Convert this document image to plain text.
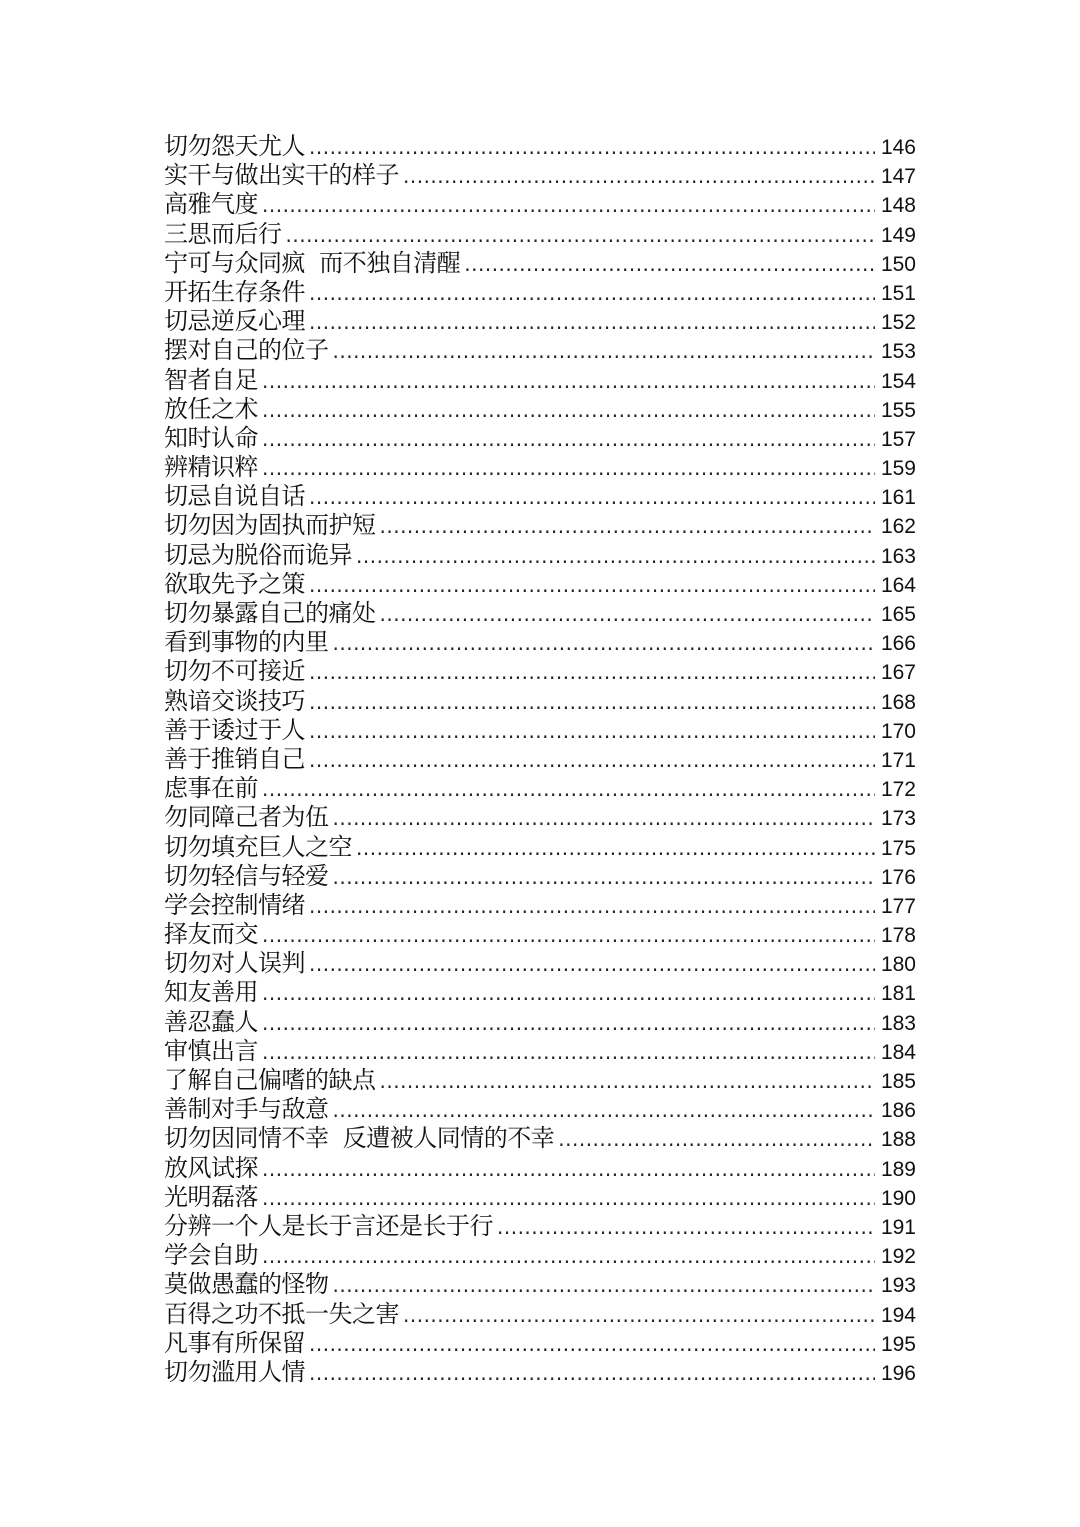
切勿怨天尤人 .....	146
实干与做出实干的样子 .....	147
高雅气度 .....	148
三思而后行 .....	149
宁可与众同疯  而不独自清醒 .....	150
开拓生存条件 .....	151
切忌逆反心理 .....	152
摆对自己的位子 .....	153
智者自足 .....	154
放任之术 .....	155
知时认命 .....	157
辨精识粹 .....	159
切忌自说自话 .....	161
切勿因为固执而护短 .....	162
切忌为脱俗而诡异 .....	163
欲取先予之策 .....	164
切勿暴露自己的痛处 .....	165
看到事物的内里 .....	166
切勿不可接近 .....	167
熟谙交谈技巧 .....	168
善于诿过于人 .....	170
善于推销自己 .....	171
虑事在前 .....	172
勿同障己者为伍 .....	173
切勿填充巨人之空 .....	175
切勿轻信与轻爱 .....	176
学会控制情绪 .....	177
择友而交 .....	178
切勿对人误判 .....	180
知友善用 .....	181
善忍蠢人 .....	183
审慎出言 .....	184
了解自己偏嗜的缺点 .....	185
善制对手与敌意 .....	186
切勿因同情不幸  反遭被人同情的不幸 .....	188
放风试探 .....	189
光明磊落 .....	190
分辨一个人是长于言还是长于行 .....	191
学会自助 .....	192
莫做愚蠢的怪物 .....	193
百得之功不抵一失之害 .....	194
凡事有所保留 .....	195
切勿滥用人情 .....	196
